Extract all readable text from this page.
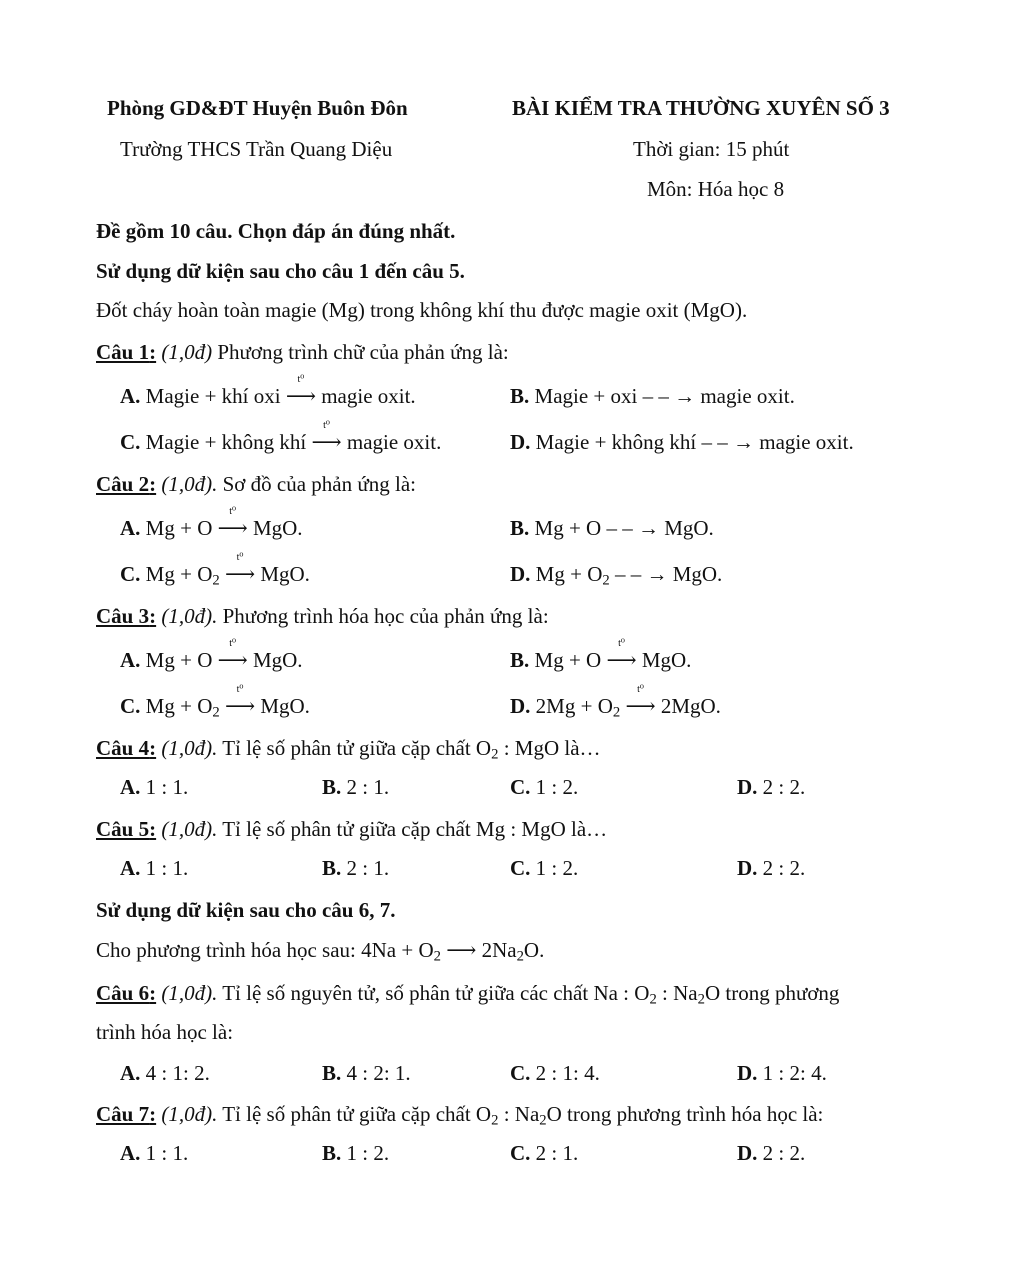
Phòng GD&ĐT Huyện Buôn Đôn	BÀI KIỂM TRA THƯỜNG XUYÊN SỐ 3
Trường THCS Trần Quang Diệu	Thời gian: 15 phút
Môn: Hóa học 8
Đề gồm 10 câu. Chọn đáp án đúng nhất.
Sử dụng dữ kiện sau cho câu 1 đến câu 5.
Đốt cháy hoàn toàn magie (Mg) trong không khí thu được magie oxit (MgO).
Câu 1: (1,0đ) Phương trình chữ của phản ứng là:
A. Magie + khí oxi
t⁰
⟶ magie oxit.	B. Magie + oxi – – → magie oxit.
C. Magie + không khí
t⁰
⟶ magie oxit.	D. Magie + không khí – – → magie oxit.
Câu 2: (1,0đ). Sơ đồ của phản ứng là:
A. Mg + O
t⁰
⟶ MgO.	B. Mg + O – – → MgO.
C. $Mg + O_2$
t⁰
⟶ MgO.	D. $Mg + O_2$ – – → MgO.
Câu 3: (1,0đ). Phương trình hóa học của phản ứng là:
A. Mg + O
t⁰
⟶ MgO.	B. Mg + O
t⁰
⟶ MgO.
C. $Mg + O_2$
t⁰
⟶ MgO.	D. $2Mg + O_2$
t⁰
⟶ 2MgO.
Câu 4: (1,0đ). Tỉ lệ số phân tử giữa cặp chất $O_2$ : MgO là…
A. 1 : 1.	B. 2 : 1.	C. 1 : 2.	D. 2 : 2.
Câu 5: (1,0đ). Tỉ lệ số phân tử giữa cặp chất Mg : MgO là…
A. 1 : 1.	B. 2 : 1.	C. 1 : 2.	D. 2 : 2.
Sử dụng dữ kiện sau cho câu 6, 7.
Cho phương trình hóa học sau: $4Na + O_2$ ⟶ $2Na_2O$.
Câu 6: (1,0đ). Tỉ lệ số nguyên tử, số phân tử giữa các chất Na : $O_2$ : $Na_2O$ trong phương
trình hóa học là:
A. 4 : 1: 2.	B. 4 : 2: 1.	C. 2 : 1: 4.	D. 1 : 2: 4.
Câu 7: (1,0đ). Tỉ lệ số phân tử giữa cặp chất $O_2$ : $Na_2O$ trong phương trình hóa học là:
A. 1 : 1.	B. 1 : 2.	C. 2 : 1.	D. 2 : 2.
